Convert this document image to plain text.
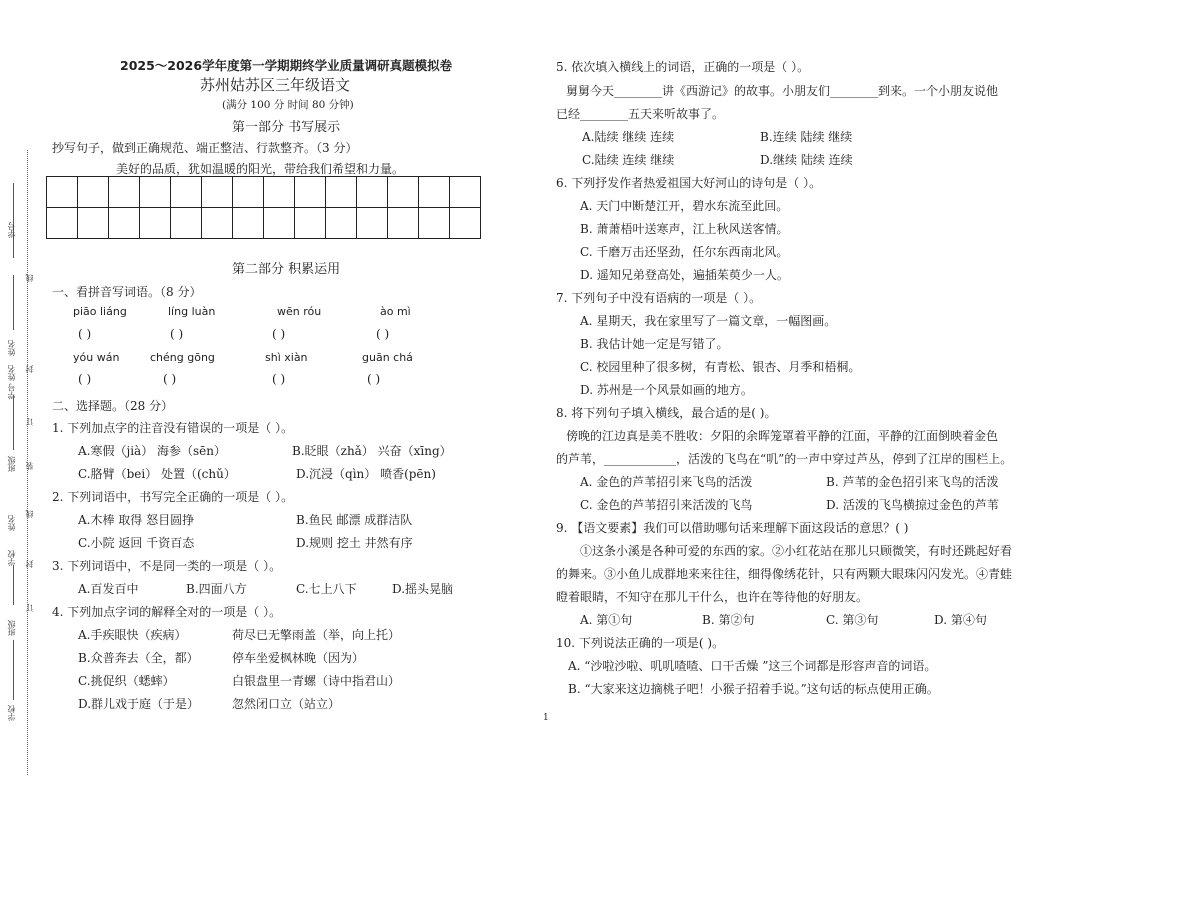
学号
姓名
学号 姓名
班级
姓名
学校
班级
学校
线
封
订
装
线
封
订
2025～2026学年度第一学期期终学业质量调研真题模拟卷
苏州姑苏区三年级语文
(满分 100 分 时间 80 分钟)
第一部分 书写展示
抄写句子，做到正确规范、端正整洁、行款整齐。（3 分）
美好的品质，犹如温暖的阳光，带给我们希望和力量。

第二部分 积累运用
一、看拼音写词语。（8 分）
piāo liáng	líng luàn	wēn róu	ào mì
( )	( )	( )	( )
yóu wán	chéng gōng	shì xiàn	guān chá
( )	( )	( )	( )
二、选择题。（28 分）
1. 下列加点字的注音没有错误的一项是（ ）。
A.寒假（jià） 海参（sēn）	B.眨眼（zhǎ） 兴奋（xīng）
C.胳臂（bei） 处置（(chǔ）	D.沉浸（qìn） 喷香(pēn)
2. 下列词语中，书写完全正确的一项是（ ）。
A.木棒 取得 怒目圆挣	B.鱼民 邮漂 成群洁队
C.小院 返回 千资百态	D.规则 挖土 井然有序
3. 下列词语中，不是同一类的一项是（ ）。
A.百发百中	B.四面八方	C.七上八下	D.摇头晃脑
4. 下列加点字词的解释全对的一项是（ ）。
A.手疾眼快（疾病）	荷尽已无擎雨盖（举，向上托）
B.众普奔去（全，都）	停车坐爱枫林晚（因为）
C.挑促织（蟋蟀）	白银盘里一青螺（诗中指君山）
D.群儿戏于庭（于是）	忽然闭口立（站立）
5. 依次填入横线上的词语，正确的一项是（ ）。
舅舅今天________讲《西游记》的故事。小朋友们________到来。一个小朋友说他
已经________五天来听故事了。
A.陆续 继续 连续	B.连续 陆续 继续
C.陆续 连续 继续	D.继续 陆续 连续
6. 下列抒发作者热爱祖国大好河山的诗句是（ ）。
A. 天门中断楚江开，碧水东流至此回。
B. 萧萧梧叶送寒声，江上秋风送客情。
C. 千磨万击还坚劲，任尔东西南北风。
D. 遥知兄弟登高处，遍插茱萸少一人。
7. 下列句子中没有语病的一项是（ ）。
A. 星期天，我在家里写了一篇文章，一幅图画。
B. 我估计她一定是写错了。
C. 校园里种了很多树，有青松、银杏、月季和梧桐。
D. 苏州是一个风景如画的地方。
8. 将下列句子填入横线，最合适的是( )。
傍晚的江边真是美不胜收：夕阳的余晖笼罩着平静的江面，平静的江面倒映着金色
的芦苇，____________，活泼的飞鸟在“叽”的一声中穿过芦丛，停到了江岸的围栏上。
A. 金色的芦苇招引来飞鸟的活泼	B. 芦苇的金色招引来飞鸟的活泼
C. 金色的芦苇招引来活泼的飞鸟	D. 活泼的飞鸟横掠过金色的芦苇
9. 【语文要素】我们可以借助哪句话来理解下面这段话的意思？( )
①这条小溪是各种可爱的东西的家。②小红花站在那儿只顾微笑，有时还跳起好看
的舞来。③小鱼儿成群地来来往往，细得像绣花针，只有两颗大眼珠闪闪发光。④青蛙
瞪着眼睛，不知守在那儿干什么，也许在等待他的好朋友。
A. 第①句	B. 第②句	C. 第③句	D. 第④句
10. 下列说法正确的一项是( )。
A. “沙啦沙啦、叽叽喳喳、口干舌燥 ”这三个词都是形容声音的词语。
B. “大家来这边摘桃子吧！小猴子招着手说。”这句话的标点使用正确。
1
